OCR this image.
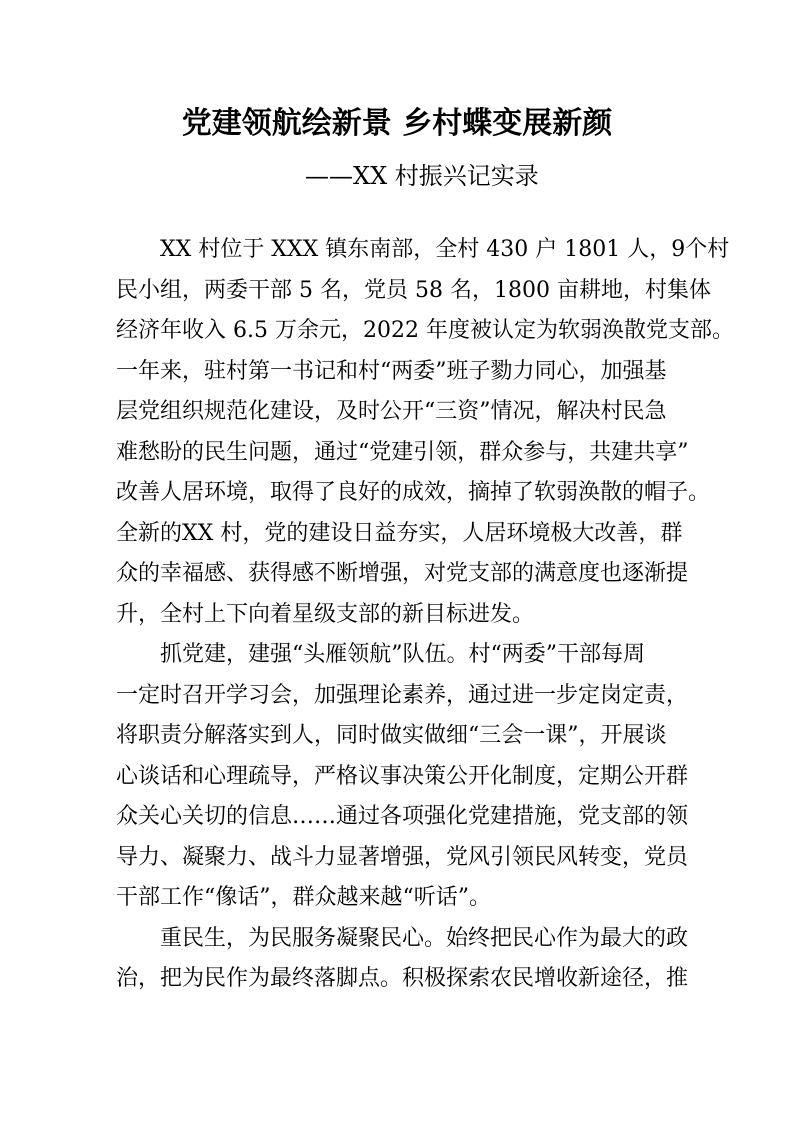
党建领航绘新景 乡村蝶变展新颜
——XX 村振兴记实录
XX 村位于 XXX 镇东南部，全村 430 户 1801 人，9个村
民小组，两委干部 5 名，党员 58 名，1800 亩耕地，村集体
经济年收入 6.5 万余元，2022 年度被认定为软弱涣散党支部。
一年来，驻村第一书记和村“两委”班子勠力同心，加强基
层党组织规范化建设，及时公开“三资”情况，解决村民急
难愁盼的民生问题，通过“党建引领，群众参与，共建共享”
改善人居环境，取得了良好的成效，摘掉了软弱涣散的帽子。
全新的XX 村，党的建设日益夯实，人居环境极大改善，群
众的幸福感、获得感不断增强，对党支部的满意度也逐渐提
升，全村上下向着星级支部的新目标进发。
抓党建，建强“头雁领航”队伍。村“两委”干部每周
一定时召开学习会，加强理论素养，通过进一步定岗定责，
将职责分解落实到人，同时做实做细“三会一课”，开展谈
心谈话和心理疏导，严格议事决策公开化制度，定期公开群
众关心关切的信息……通过各项强化党建措施，党支部的领
导力、凝聚力、战斗力显著增强，党风引领民风转变，党员
干部工作“像话”，群众越来越“听话”。
重民生，为民服务凝聚民心。始终把民心作为最大的政
治，把为民作为最终落脚点。积极探索农民增收新途径，推
